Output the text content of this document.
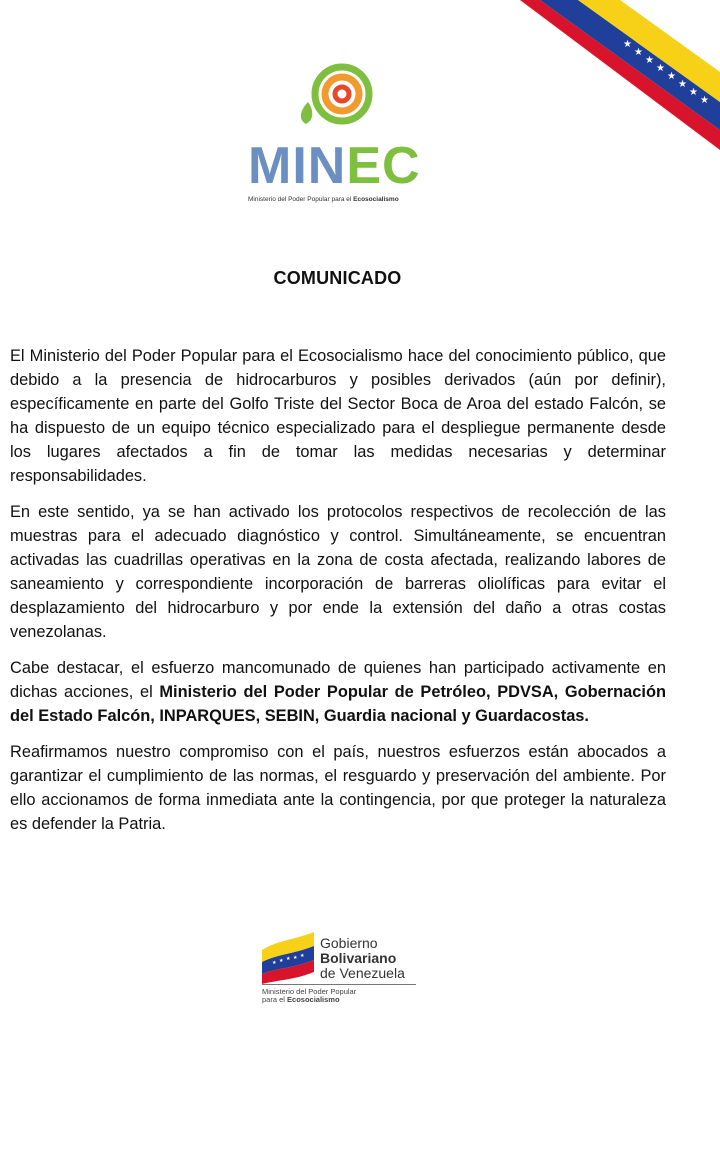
★
★
★
★
★
★
★
★
MINEC
Ministerio del Poder Popular para el Ecosocialismo
COMUNICADO

El Ministerio del Poder Popular para el Ecosocialismo hace del conocimiento público, que debido a la presencia de hidrocarburos y posibles derivados (aún por definir), específicamente en parte del Golfo Triste del Sector Boca de Aroa del estado Falcón, se ha dispuesto de un equipo técnico especializado para el despliegue permanente desde los lugares afectados a fin de tomar las medidas necesarias y determinar responsabilidades.

En este sentido, ya se han activado los protocolos respectivos de recolección de las muestras para el adecuado diagnóstico y control. Simultáneamente, se encuentran activadas las cuadrillas operativas en la zona de costa afectada, realizando labores de saneamiento y correspondiente incorporación de barreras oliolíficas para evitar el desplazamiento del hidrocarburo y por ende la extensión del daño a otras costas venezolanas.

Cabe destacar, el esfuerzo mancomunado de quienes han participado activamente en dichas acciones, el Ministerio del Poder Popular de Petróleo, PDVSA, Gobernación del Estado Falcón, INPARQUES, SEBIN, Guardia nacional y Guardacostas.

Reafirmamos nuestro compromiso con el país, nuestros esfuerzos están abocados a garantizar el cumplimiento de las normas, el resguardo y preservación del ambiente. Por ello accionamos de forma inmediata ante la contingencia, por que proteger la naturaleza es defender la Patria.

★ ★ ★ ★ ★
Gobierno
Bolivariano
de Venezuela
Ministerio del Poder Popular
para el Ecosocialismo
